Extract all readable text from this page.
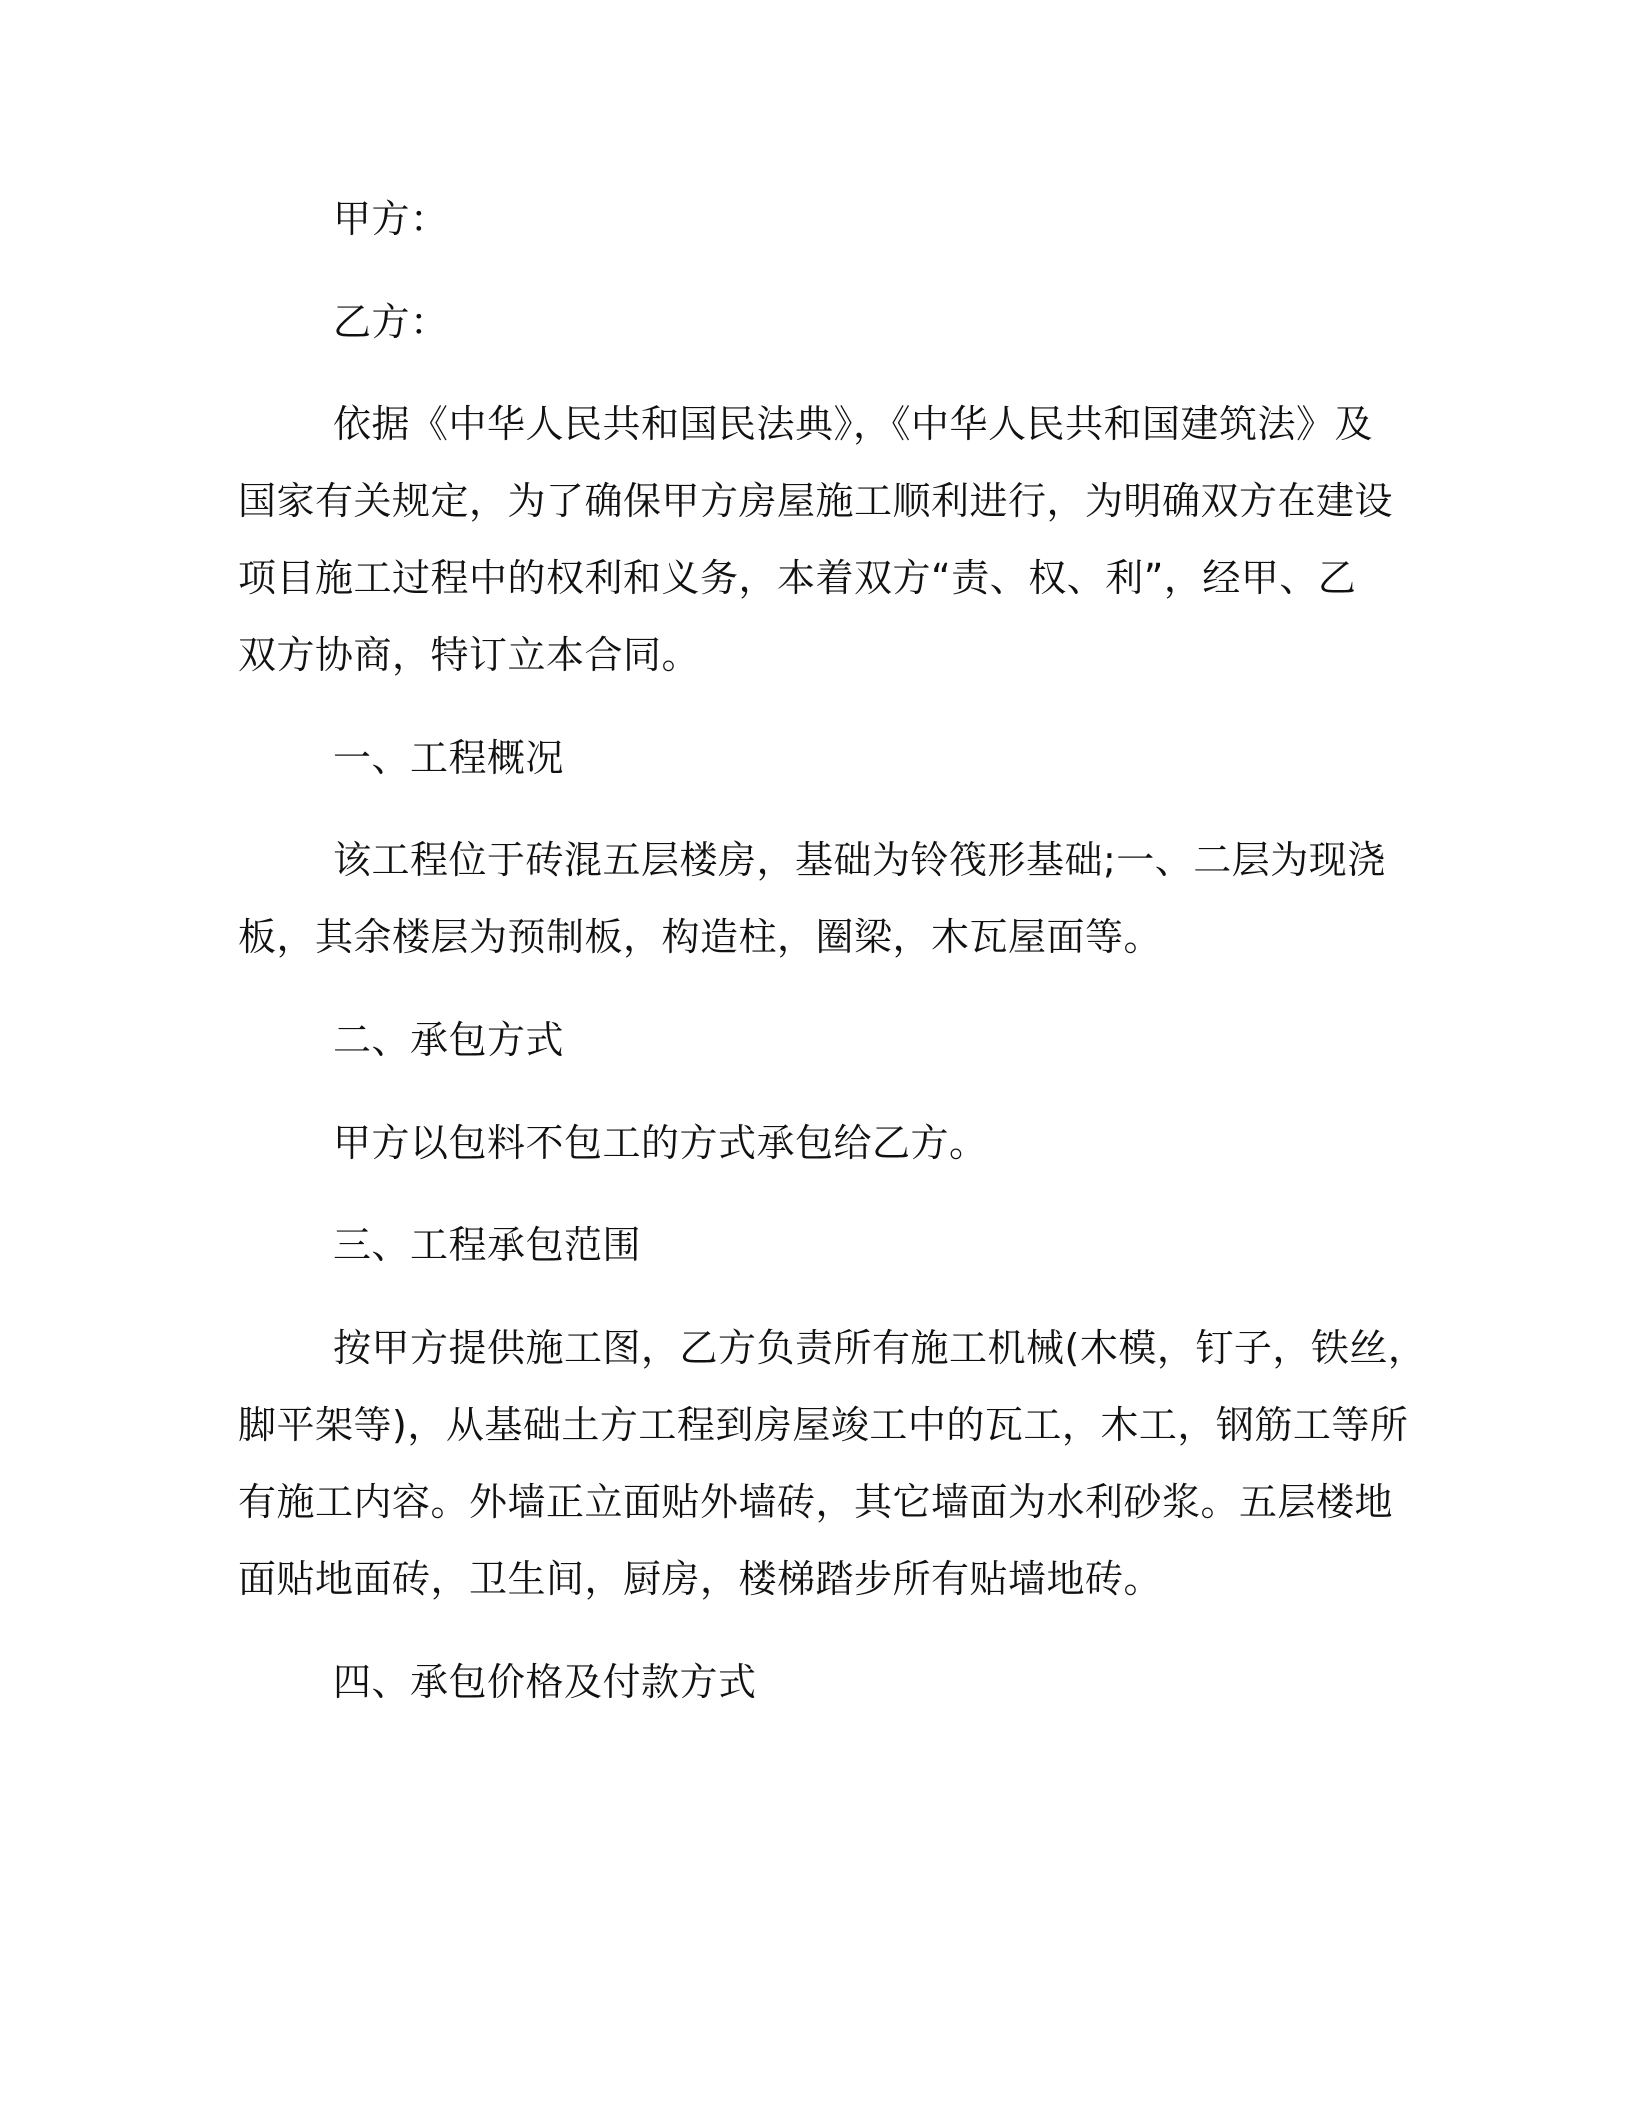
甲方：
乙方：
依据《中华人民共和国民法典》，《中华人民共和国建筑法》及
国家有关规定，为了确保甲方房屋施工顺利进行，为明确双方在建设
项目施工过程中的权利和义务，本着双方“责、权、利”，经甲、乙
双方协商，特订立本合同。
一、工程概况
该工程位于砖混五层楼房，基础为铃筏形基础;一、二层为现浇
板，其余楼层为预制板，构造柱，圈梁，木瓦屋面等。
二、承包方式
甲方以包料不包工的方式承包给乙方。
三、工程承包范围
按甲方提供施工图，乙方负责所有施工机械(木模，钉子，铁丝，
脚平架等)，从基础土方工程到房屋竣工中的瓦工，木工，钢筋工等所
有施工内容。外墙正立面贴外墙砖，其它墙面为水利砂浆。五层楼地
面贴地面砖，卫生间，厨房，楼梯踏步所有贴墙地砖。
四、承包价格及付款方式
